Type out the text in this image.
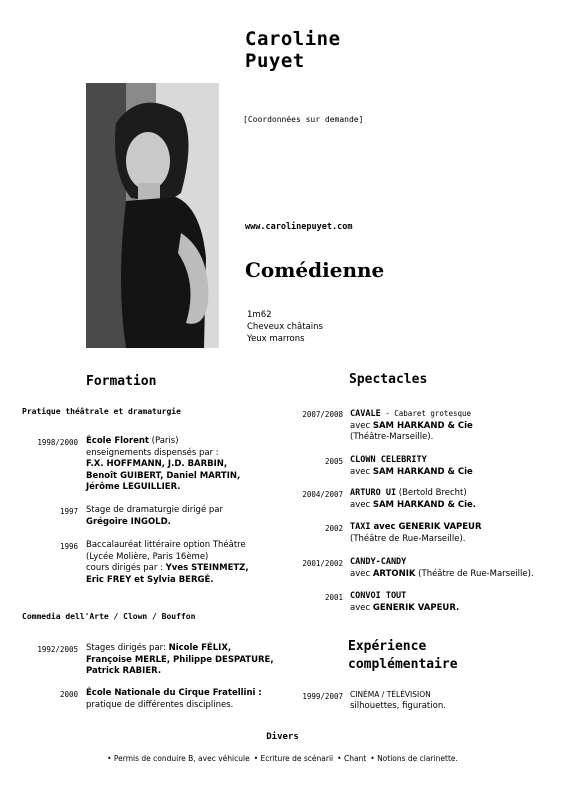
Caroline
Puyet
[Coordonnées sur demande]
www.carolinepuyet.com
Comédienne
1m62
Cheveux châtains
Yeux marrons
Formation
Pratique théâtrale et dramaturgie
1998/2000 École Florent (Paris)
enseignements dispensés par :
F.X. HOFFMANN, J.D. BARBIN,
Benoît GUIBERT, Daniel MARTIN,
Jérôme LEGUILLIER.
1997 Stage de dramaturgie dirigé par
Grégoire INGOLD.
1996 Baccalauréat littéraire option Théâtre
(Lycée Molière, Paris 16ème)
cours dirigés par : Yves STEINMETZ,
Eric FREY et Sylvia BERGÉ.
Commedia dell'Arte / Clown / Bouffon
1992/2005 Stages dirigés par: Nicole FÉLIX,
Françoise MERLE, Philippe DESPATURE,
Patrick RABIER.
2000 École Nationale du Cirque Fratellini :
pratique de différentes disciplines.
Spectacles
2007/2008 CAVALE - Cabaret grotesque
avec SAM HARKAND & Cie
(Théâtre-Marseille).
2005 CLOWN CELEBRITY
avec SAM HARKAND & Cie
2004/2007 ARTURO UI (Bertold Brecht)
avec SAM HARKAND & Cie.
2002 TAXI avec GENERIK VAPEUR
(Théâtre de Rue-Marseille).
2001/2002 CANDY-CANDY
avec ARTONIK (Théâtre de Rue-Marseille).
2001 CONVOI TOUT
avec GENERIK VAPEUR.
Expérience
complémentaire
1999/2007 CINÉMA / TÉLÉVISION
silhouettes, figuration.
Divers
• Permis de conduire B, avec véhicule • Ecriture de scénarii • Chant • Notions de clarinette.
